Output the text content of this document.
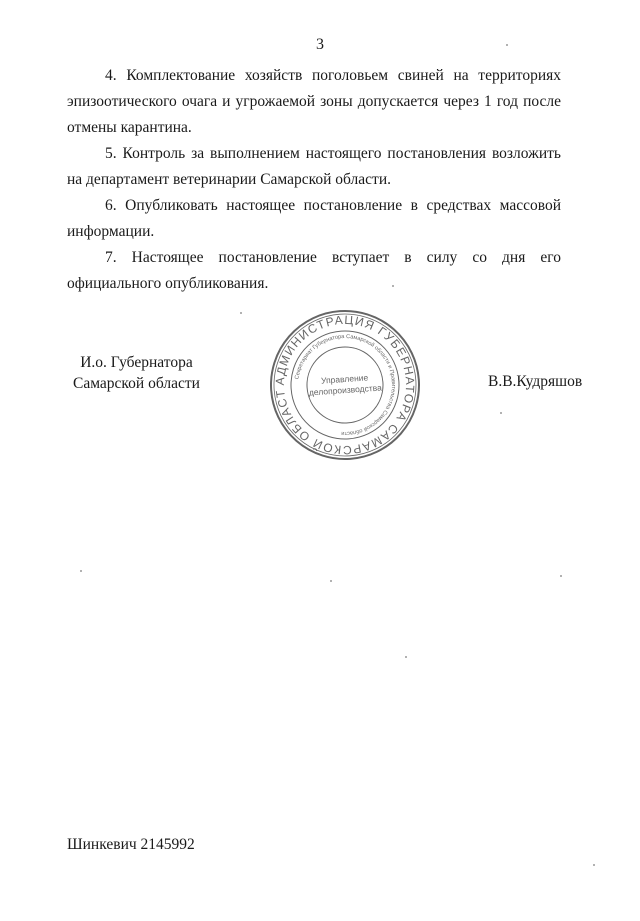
3

4. Комплектование хозяйств поголовьем свиней на территориях эпизоотического очага и угрожаемой зоны допускается через 1 год после отмены карантина.

5. Контроль за выполнением настоящего постановления возложить на департамент ветеринарии Самарской области.

6. Опубликовать настоящее постановление в средствах массовой информации.

7. Настоящее постановление вступает в силу со дня его официального опубликования.

И.о. Губернатора
Самарской области	АДМИНИСТРАЦИЯ ГУБЕРНАТОРА САМАРСКОЙ ОБЛАСТИ
Секретариат Губернатора Самарской области и Правительства Самарской области
Управление
делопроизводства	В.В.Кудряшов
Шинкевич 2145992
